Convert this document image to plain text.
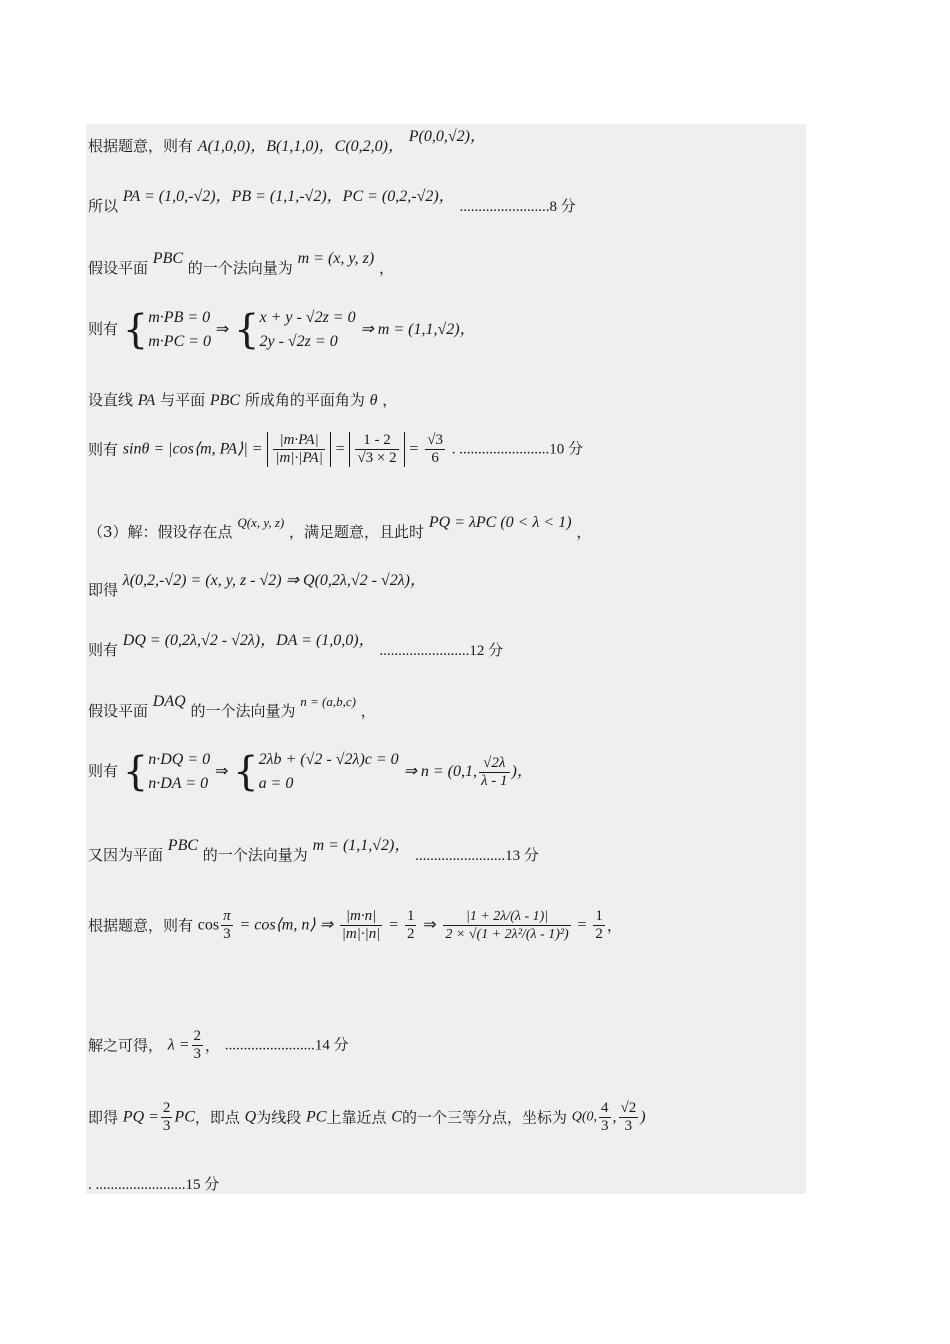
根据题意，则有 A(1,0,0)，B(1,1,0)，C(0,2,0)， P(0,0,√2)，
所以 PA = (1,0,-√2)，PB = (1,1,-√2)，PC = (0,2,-√2)， ........................8 分
假设平面 PBC 的一个法向量为 m = (x, y, z) ，
则有 { m·PB = 0
m·PC = 0
⇒ { x + y - √2z = 0
2y - √2z = 0
⇒ m = (1,1,√2)，
设直线 PA 与平面 PBC 所成角的平面角为 θ ，
则有 sinθ = |cos⟨m, PA⟩| = $\frac{|m\cdot PA|}{|m|\cdot|PA|} = \frac{1 - 2}{√3 \times 2} = \frac{√3}{6}$ . ........................10 分
（3）解：假设存在点 Q(x, y, z) ，满足题意，且此时 PQ = λPC (0 < λ < 1) ，
即得 λ(0,2,-√2) = (x, y, z - √2) ⇒ Q(0,2λ,√2 - √2λ)，
则有 DQ = (0,2λ,√2 - √2λ)，DA = (1,0,0)， ........................12 分
假设平面 DAQ 的一个法向量为 n = (a,b,c) ，
则有 { n·DQ = 0
n·DA = 0
⇒ { 2λb + (√2 - √2λ)c = 0
a = 0
⇒ n = (0,1, $\frac{√2\lambda}{\lambda - 1}$ )，
又因为平面 PBC 的一个法向量为 m = (1,1,√2)， ........................13 分
根据题意，则有 $\cos \frac{\pi}{3}$ = cos⟨m, n⟩ ⇒ $\frac{|m\cdot n|}{|m|\cdot|n|} = \frac{1}{2}$ ⇒ $\frac{|1 + 2\lambda/(\lambda - 1)|}{\text{2 × √(1 + 2λ²/(λ - 1)²)}} = \frac{1}{2}$ ，
解之可得， $\lambda = \frac{2}{3}$ ， ........................14 分
即得 PQ = $\frac{2}{3}$ PC，即点 Q为线段 PC上靠近点 C的一个三等分点，坐标为 Q(0, $\frac{4}{3}$ , $\frac{√2}{3}$ )
. ........................15 分
